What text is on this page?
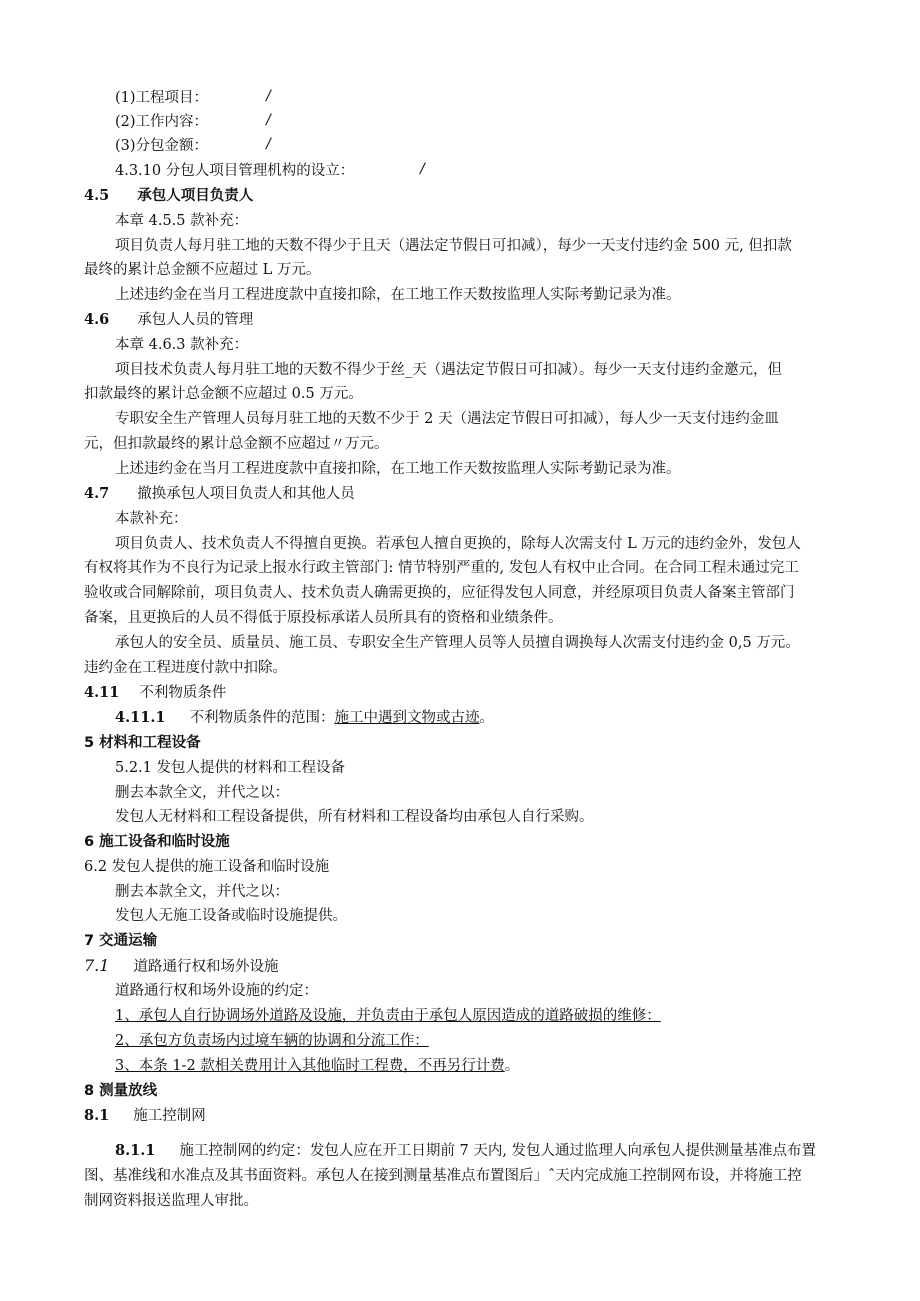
(1)工程项目：	/
(2)工作内容：	/
(3)分包金额：	/
4.3.10 分包人项目管理机构的设立：	/
4.5 承包人项目负责人
本章 4.5.5 款补充：
项目负责人每月驻工地的天数不得少于且天（遇法定节假日可扣减），每少一天支付违约金 500 元, 但扣款
最终的累计总金额不应超过 L 万元。
上述违约金在当月工程进度款中直接扣除，在工地工作天数按监理人实际考勤记录为准。
4.6 承包人人员的管理
本章 4.6.3 款补充：
项目技术负责人每月驻工地的天数不得少于丝_天（遇法定节假日可扣减）。每少一天支付违约金邀元，但
扣款最终的累计总金额不应超过 0.5 万元。
专职安全生产管理人员每月驻工地的天数不少于 2 天（遇法定节假日可扣减），每人少一天支付违约金皿
元，但扣款最终的累计总金额不应超过〃万元。
上述违约金在当月工程进度款中直接扣除，在工地工作天数按监理人实际考勤记录为准。
4.7 撤换承包人项目负责人和其他人员
本款补充：
项目负责人、技术负责人不得擅自更换。若承包人擅自更换的，除每人次需支付 L 万元的违约金外，发包人
有权将其作为不良行为记录上报水行政主管部门: 情节特别严重的, 发包人有权中止合同。在合同工程未通过完工
验收或合同解除前，项目负责人、技术负责人确需更换的，应征得发包人同意，并经原项目负责人备案主管部门
备案，且更换后的人员不得低于原投标承诺人员所具有的资格和业绩条件。
承包人的安全员、质量员、施工员、专职安全生产管理人员等人员擅自调换每人次需支付违约金 0,5 万元。
违约金在工程进度付款中扣除。
4.11 不利物质条件
4.11.1 不利物质条件的范围：施工中遇到文物或古迹。
5 材料和工程设备
5.2.1 发包人提供的材料和工程设备
删去本款全文，并代之以：
发包人无材料和工程设备提供，所有材料和工程设备均由承包人自行采购。
6 施工设备和临时设施
6.2 发包人提供的施工设备和临时设施
删去本款全文，并代之以：
发包人无施工设备或临时设施提供。
7 交通运输
7.1 道路通行权和场外设施
道路通行权和场外设施的约定：
1、承包人自行协调场外道路及设施，并负责由于承包人原因造成的道路破损的维修：
2、承包方负责场内过境车辆的协调和分流工作：
3、本条 1-2 款相关费用计入其他临时工程费，不再另行计费。
8 测量放线
8.1 施工控制网
8.1.1 施工控制网的约定：发包人应在开工日期前 7 天内, 发包人通过监理人向承包人提供测量基准点布置
图、基准线和水准点及其书面资料。承包人在接到测量基准点布置图后」ˆ天内完成施工控制网布设，并将施工控
制网资料报送监理人审批。
